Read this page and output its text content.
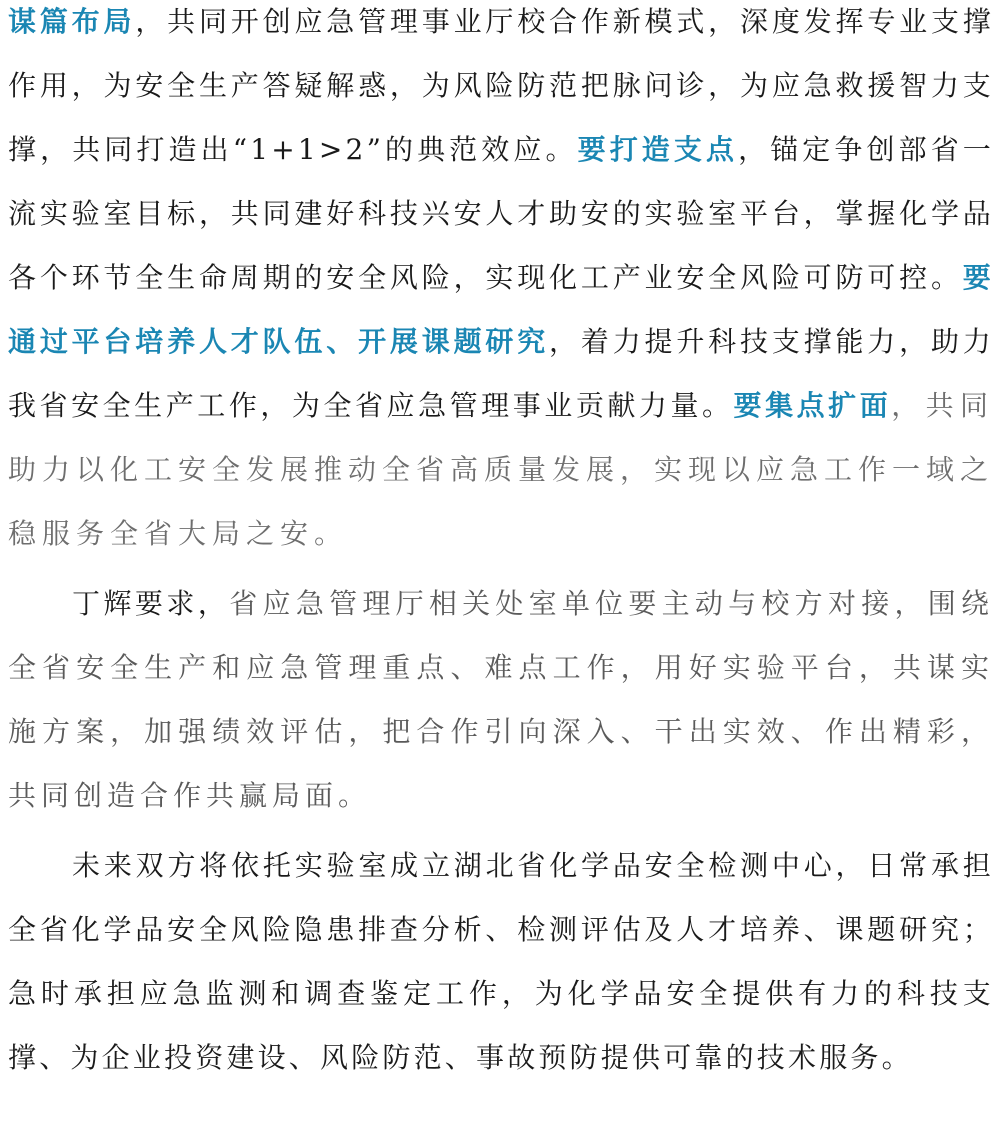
谋篇布局，共同开创应急管理事业厅校合作新模式，深度发挥专业支撑作用，为安全生产答疑解惑，为风险防范把脉问诊，为应急救援智力支撑，共同打造出“1+1>2”的典范效应。要打造支点，锚定争创部省一流实验室目标，共同建好科技兴安人才助安的实验室平台，掌握化学品各个环节全生命周期的安全风险，实现化工产业安全风险可防可控。要通过平台培养人才队伍、开展课题研究，着力提升科技支撑能力，助力我省安全生产工作，为全省应急管理事业贡献力量。要集点扩面，共同助力以化工安全发展推动全省高质量发展，实现以应急工作一域之稳服务全省大局之安。

丁辉要求，省应急管理厅相关处室单位要主动与校方对接，围绕全省安全生产和应急管理重点、难点工作，用好实验平台，共谋实施方案，加强绩效评估，把合作引向深入、干出实效、作出精彩，共同创造合作共赢局面。

未来双方将依托实验室成立湖北省化学品安全检测中心，日常承担全省化学品安全风险隐患排查分析、检测评估及人才培养、课题研究；急时承担应急监测和调查鉴定工作，为化学品安全提供有力的科技支撑、为企业投资建设、风险防范、事故预防提供可靠的技术服务。
